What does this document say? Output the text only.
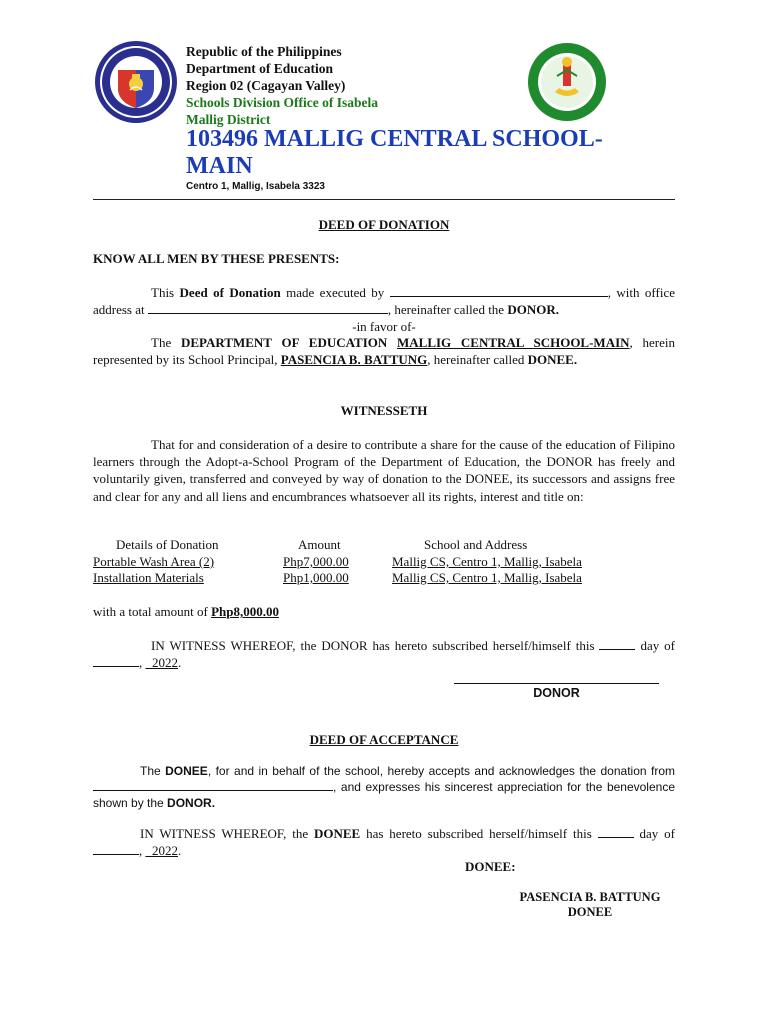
Republic of the Philippines
Department of Education
Region 02 (Cagayan Valley)
Schools Division Office of Isabela
Mallig District
103496 MALLIG CENTRAL SCHOOL-MAIN
Centro 1, Mallig, Isabela 3323
DEED OF DONATION
KNOW ALL MEN BY THESE PRESENTS:
This Deed of Donation made executed by	, with office address at	, hereinafter called the DONOR.
-in favor of-
The DEPARTMENT OF EDUCATION MALLIG CENTRAL SCHOOL-MAIN, herein represented by its School Principal, PASENCIA B. BATTUNG, hereinafter called DONEE.
WITNESSETH
That for and consideration of a desire to contribute a share for the cause of the education of Filipino learners through the Adopt-a-School Program of the Department of Education, the DONOR has freely and voluntarily given, transferred and conveyed by way of donation to the DONEE, its successors and assigns free and clear for any and all liens and encumbrances whatsoever all its rights, interest and title on:
Details of Donation	Amount	School and Address
Portable Wash Area (2)	Php7,000.00	Mallig CS, Centro 1, Mallig, Isabela
Installation Materials	Php1,000.00	Mallig CS, Centro 1, Mallig, Isabela
with a total amount of Php8,000.00
IN WITNESS WHEREOF, the DONOR has hereto subscribed herself/himself this	day of , _2022.
DONOR
DEED OF ACCEPTANCE
The DONEE, for and in behalf of the school, hereby accepts and acknowledges the donation from , and expresses his sincerest appreciation for the benevolence shown by the DONOR.
IN WITNESS WHEREOF, the DONEE has hereto subscribed herself/himself this	day of , _2022.
DONEE:
PASENCIA B. BATTUNG
DONEE
